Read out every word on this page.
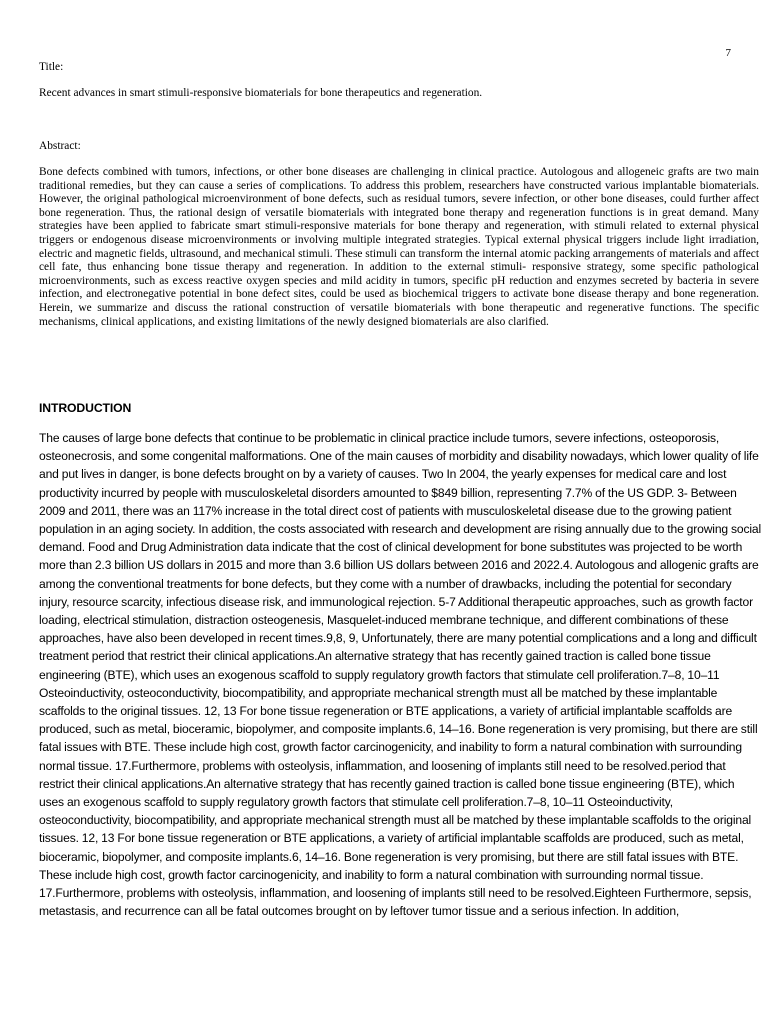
7
Title:
Recent advances in smart stimuli-responsive biomaterials for bone therapeutics and regeneration.
Abstract:

Bone defects combined with tumors, infections, or other bone diseases are challenging in clinical practice. Autologous and allogeneic grafts are two main traditional remedies, but they can cause a series of complications. To address this problem, researchers have constructed various implantable biomaterials. However, the original pathological microenvironment of bone defects, such as residual tumors, severe infection, or other bone diseases, could further affect bone regeneration. Thus, the rational design of versatile biomaterials with integrated bone therapy and regeneration functions is in great demand. Many strategies have been applied to fabricate smart stimuli-responsive materials for bone therapy and regeneration, with stimuli related to external physical triggers or endogenous disease microenvironments or involving multiple integrated strategies. Typical external physical triggers include light irradiation, electric and magnetic fields, ultrasound, and mechanical stimuli. These stimuli can transform the internal atomic packing arrangements of materials and affect cell fate, thus enhancing bone tissue therapy and regeneration. In addition to the external stimuli- responsive strategy, some specific pathological microenvironments, such as excess reactive oxygen species and mild acidity in tumors, specific pH reduction and enzymes secreted by bacteria in severe infection, and electronegative potential in bone defect sites, could be used as biochemical triggers to activate bone disease therapy and bone regeneration. Herein, we summarize and discuss the rational construction of versatile biomaterials with bone therapeutic and regenerative functions. The specific mechanisms, clinical applications, and existing limitations of the newly designed biomaterials are also clarified.

INTRODUCTION

The causes of large bone defects that continue to be problematic in clinical practice include tumors, severe infections, osteoporosis, osteonecrosis, and some congenital malformations. One of the main causes of morbidity and disability nowadays, which lower quality of life and put lives in danger, is bone defects brought on by a variety of causes. Two In 2004, the yearly expenses for medical care and lost productivity incurred by people with musculoskeletal disorders amounted to $849 billion, representing 7.7% of the US GDP. 3- Between 2009 and 2011, there was an 117% increase in the total direct cost of patients with musculoskeletal disease due to the growing patient population in an aging society. In addition, the costs associated with research and development are rising annually due to the growing social demand. Food and Drug Administration data indicate that the cost of clinical development for bone substitutes was projected to be worth more than 2.3 billion US dollars in 2015 and more than 3.6 billion US dollars between 2016 and 2022.4. Autologous and allogenic grafts are among the conventional treatments for bone defects, but they come with a number of drawbacks, including the potential for secondary injury, resource scarcity, infectious disease risk, and immunological rejection. 5-7 Additional therapeutic approaches, such as growth factor loading, electrical stimulation, distraction osteogenesis, Masquelet-induced membrane technique, and different combinations of these approaches, have also been developed in recent times.9,8, 9, Unfortunately, there are many potential complications and a long and difficult treatment period that restrict their clinical applications.An alternative strategy that has recently gained traction is called bone tissue engineering (BTE), which uses an exogenous scaffold to supply regulatory growth factors that stimulate cell proliferation.7–8, 10–11 Osteoinductivity, osteoconductivity, biocompatibility, and appropriate mechanical strength must all be matched by these implantable scaffolds to the original tissues. 12, 13 For bone tissue regeneration or BTE applications, a variety of artificial implantable scaffolds are produced, such as metal, bioceramic, biopolymer, and composite implants.6, 14–16. Bone regeneration is very promising, but there are still fatal issues with BTE. These include high cost, growth factor carcinogenicity, and inability to form a natural combination with surrounding normal tissue. 17.Furthermore, problems with osteolysis, inflammation, and loosening of implants still need to be resolved.period that restrict their clinical applications.An alternative strategy that has recently gained traction is called bone tissue engineering (BTE), which uses an exogenous scaffold to supply regulatory growth factors that stimulate cell proliferation.7–8, 10–11 Osteoinductivity, osteoconductivity, biocompatibility, and appropriate mechanical strength must all be matched by these implantable scaffolds to the original tissues. 12, 13 For bone tissue regeneration or BTE applications, a variety of artificial implantable scaffolds are produced, such as metal, bioceramic, biopolymer, and composite implants.6, 14–16. Bone regeneration is very promising, but there are still fatal issues with BTE. These include high cost, growth factor carcinogenicity, and inability to form a natural combination with surrounding normal tissue. 17.Furthermore, problems with osteolysis, inflammation, and loosening of implants still need to be resolved.Eighteen Furthermore, sepsis, metastasis, and recurrence can all be fatal outcomes brought on by leftover tumor tissue and a serious infection. In addition,
